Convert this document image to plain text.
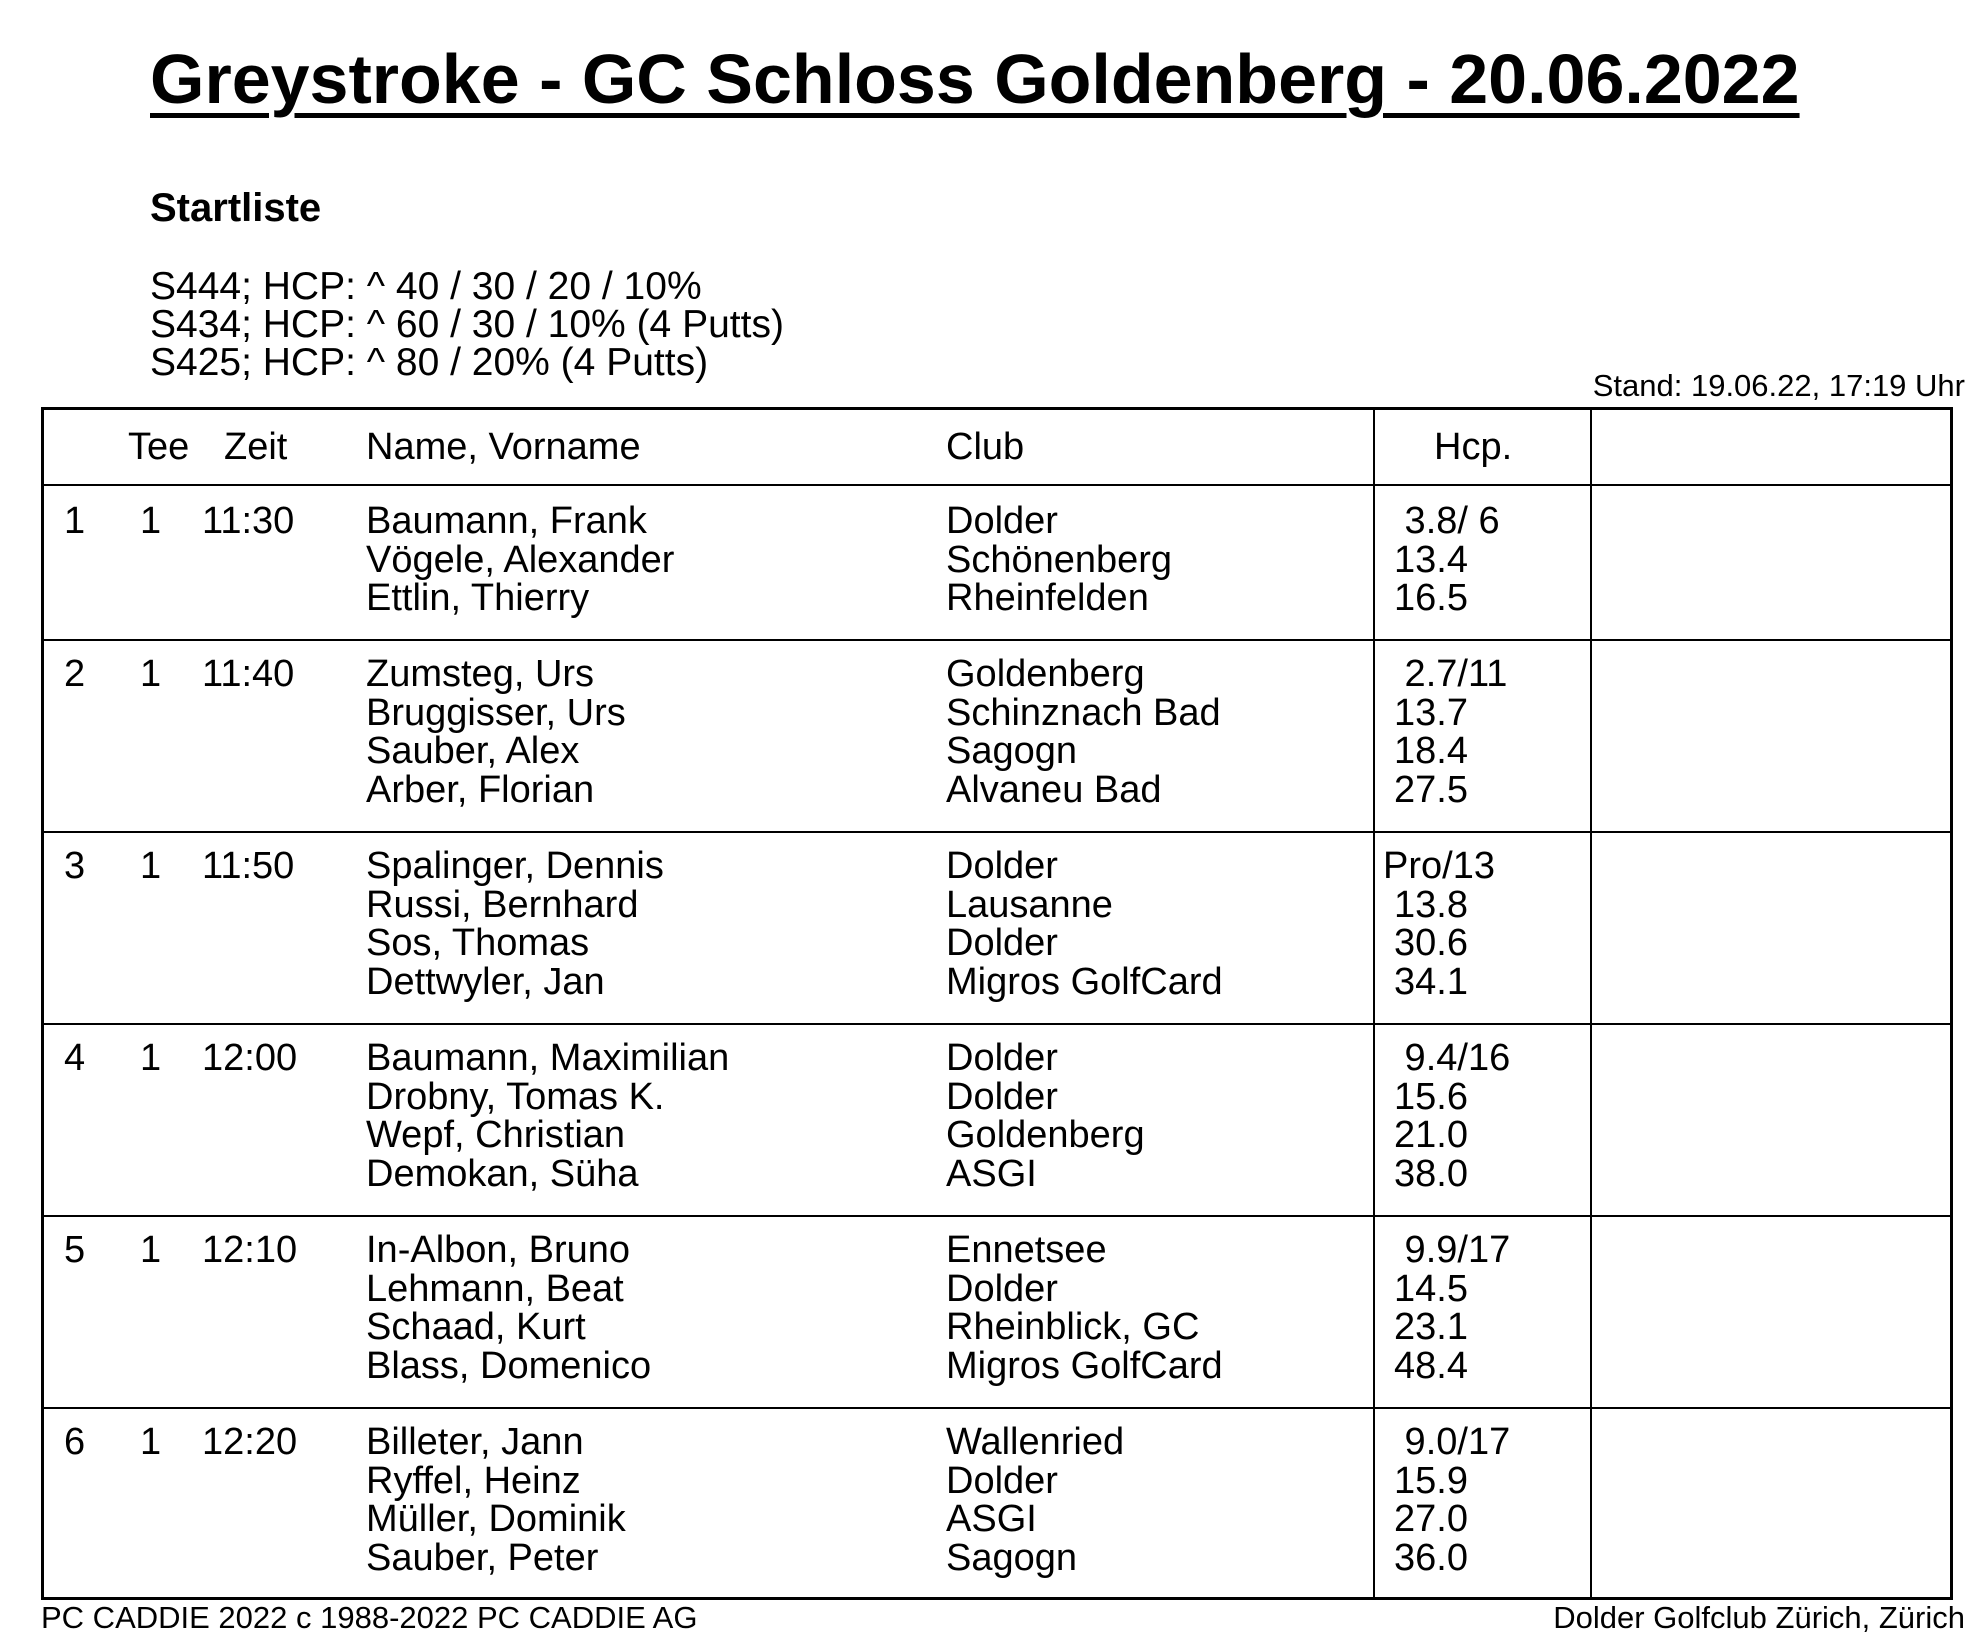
Greystroke - GC Schloss Goldenberg - 20.06.2022
Startliste
S444; HCP: ^ 40 / 30 / 20 / 10%
S434; HCP: ^ 60 / 30 / 10% (4 Putts)
S425; HCP: ^ 80 / 20% (4 Putts)
Stand: 19.06.22, 17:19 Uhr
Tee Zeit Name, Vorname	Club	Hcp.
1 1 11:30 Baumann, Frank	Dolder	3.8/ 6
Vögele, Alexander	Schönenberg	13.4
Ettlin, Thierry	Rheinfelden	16.5
2 1 11:40 Zumsteg, Urs	Goldenberg	2.7/11
Bruggisser, Urs	Schinznach Bad	13.7
Sauber, Alex	Sagogn	18.4
Arber, Florian	Alvaneu Bad	27.5
3 1 11:50 Spalinger, Dennis	Dolder	Pro/13
Russi, Bernhard	Lausanne	13.8
Sos, Thomas	Dolder	30.6
Dettwyler, Jan	Migros GolfCard	34.1
4 1 12:00 Baumann, Maximilian	Dolder	9.4/16
Drobny, Tomas K.	Dolder	15.6
Wepf, Christian	Goldenberg	21.0
Demokan, Süha	ASGI	38.0
5 1 12:10 In-Albon, Bruno	Ennetsee	9.9/17
Lehmann, Beat	Dolder	14.5
Schaad, Kurt	Rheinblick, GC	23.1
Blass, Domenico	Migros GolfCard	48.4
6 1 12:20 Billeter, Jann	Wallenried	9.0/17
Ryffel, Heinz	Dolder	15.9
Müller, Dominik	ASGI	27.0
Sauber, Peter	Sagogn	36.0
PC CADDIE 2022 c 1988-2022 PC CADDIE AG	Dolder Golfclub Zürich, Zürich
